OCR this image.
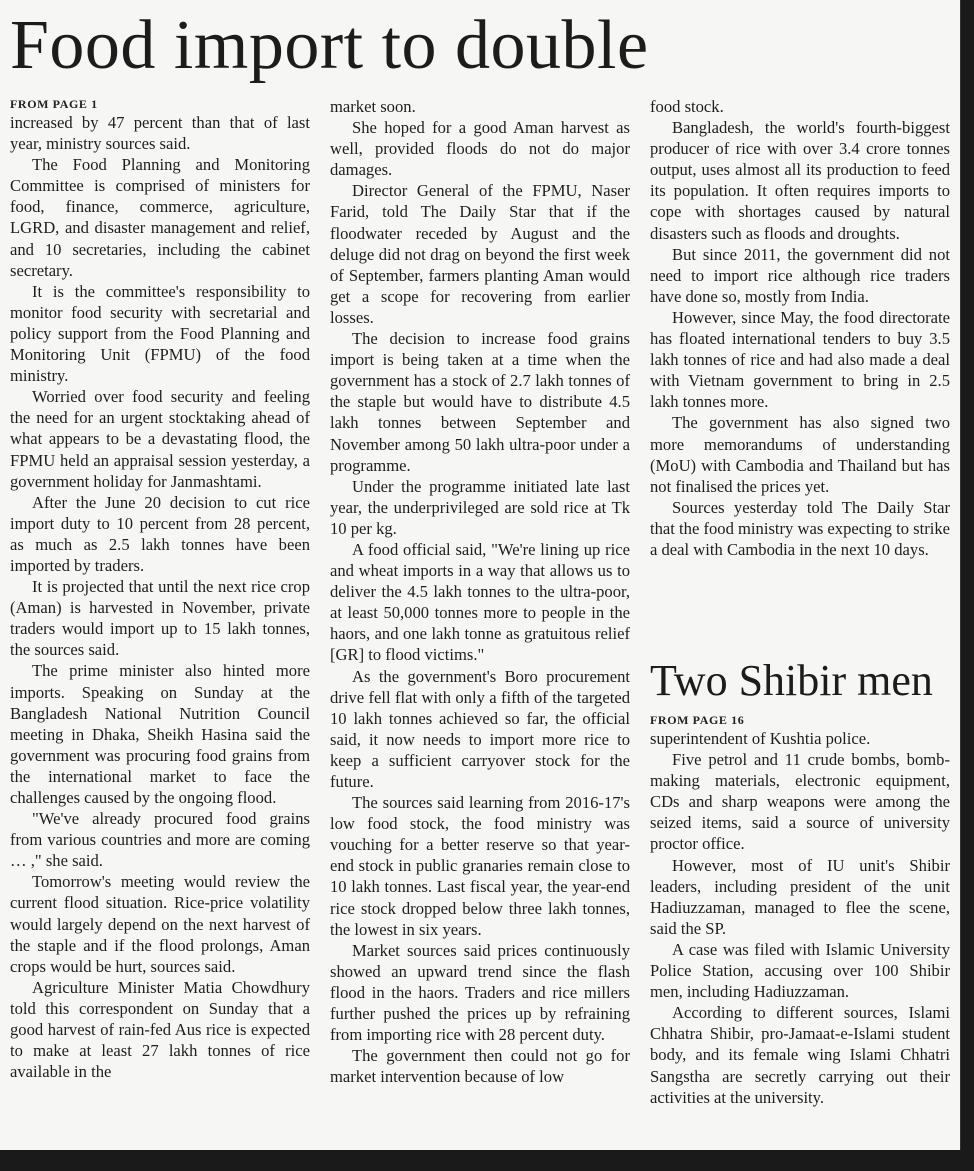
Food import to double
FROM PAGE 1

increased by 47 percent than that of last year, ministry sources said.

The Food Planning and Monitoring Committee is comprised of ministers for food, finance, commerce, agriculture, LGRD, and disaster management and relief, and 10 secretaries, including the cabinet secretary.

It is the committee's responsibility to monitor food security with secretarial and policy support from the Food Planning and Monitoring Unit (FPMU) of the food ministry.

Worried over food security and feeling the need for an urgent stocktaking ahead of what appears to be a devastating flood, the FPMU held an appraisal session yesterday, a government holiday for Janmashtami.

After the June 20 decision to cut rice import duty to 10 percent from 28 percent, as much as 2.5 lakh tonnes have been imported by traders.

It is projected that until the next rice crop (Aman) is harvested in November, private traders would import up to 15 lakh tonnes, the sources said.

The prime minister also hinted more imports. Speaking on Sunday at the Bangladesh National Nutrition Council meeting in Dhaka, Sheikh Hasina said the government was procuring food grains from the international market to face the challenges caused by the ongoing flood.

"We've already procured food grains from various countries and more are coming … ," she said.

Tomorrow's meeting would review the current flood situation. Rice-price volatility would largely depend on the next harvest of the staple and if the flood prolongs, Aman crops would be hurt, sources said.

Agriculture Minister Matia Chowdhury told this correspondent on Sunday that a good harvest of rain-fed Aus rice is expected to make at least 27 lakh tonnes of rice available in the

market soon.

She hoped for a good Aman harvest as well, provided floods do not do major damages.

Director General of the FPMU, Naser Farid, told The Daily Star that if the floodwater receded by August and the deluge did not drag on beyond the first week of September, farmers planting Aman would get a scope for recovering from earlier losses.

The decision to increase food grains import is being taken at a time when the government has a stock of 2.7 lakh tonnes of the staple but would have to distribute 4.5 lakh tonnes between September and November among 50 lakh ultra-poor under a programme.

Under the programme initiated late last year, the underprivileged are sold rice at Tk 10 per kg.

A food official said, "We're lining up rice and wheat imports in a way that allows us to deliver the 4.5 lakh tonnes to the ultra-poor, at least 50,000 tonnes more to people in the haors, and one lakh tonne as gratuitous relief [GR] to flood victims."

As the government's Boro procurement drive fell flat with only a fifth of the targeted 10 lakh tonnes achieved so far, the official said, it now needs to import more rice to keep a sufficient carryover stock for the future.

The sources said learning from 2016-17's low food stock, the food ministry was vouching for a better reserve so that year-end stock in public granaries remain close to 10 lakh tonnes. Last fiscal year, the year-end rice stock dropped below three lakh tonnes, the lowest in six years.

Market sources said prices continuously showed an upward trend since the flash flood in the haors. Traders and rice millers further pushed the prices up by refraining from importing rice with 28 percent duty.

The government then could not go for market intervention because of low

food stock.

Bangladesh, the world's fourth-biggest producer of rice with over 3.4 crore tonnes output, uses almost all its production to feed its population. It often requires imports to cope with shortages caused by natural disasters such as floods and droughts.

But since 2011, the government did not need to import rice although rice traders have done so, mostly from India.

However, since May, the food directorate has floated international tenders to buy 3.5 lakh tonnes of rice and had also made a deal with Vietnam government to bring in 2.5 lakh tonnes more.

The government has also signed two more memorandums of understanding (MoU) with Cambodia and Thailand but has not finalised the prices yet.

Sources yesterday told The Daily Star that the food ministry was expecting to strike a deal with Cambodia in the next 10 days.

Two Shibir men
FROM PAGE 16

superintendent of Kushtia police.

Five petrol and 11 crude bombs, bomb-making materials, electronic equipment, CDs and sharp weapons were among the seized items, said a source of university proctor office.

However, most of IU unit's Shibir leaders, including president of the unit Hadiuzzaman, managed to flee the scene, said the SP.

A case was filed with Islamic University Police Station, accusing over 100 Shibir men, including Hadiuzzaman.

According to different sources, Islami Chhatra Shibir, pro-Jamaat-e-Islami student body, and its female wing Islami Chhatri Sangstha are secretly carrying out their activities at the university.
